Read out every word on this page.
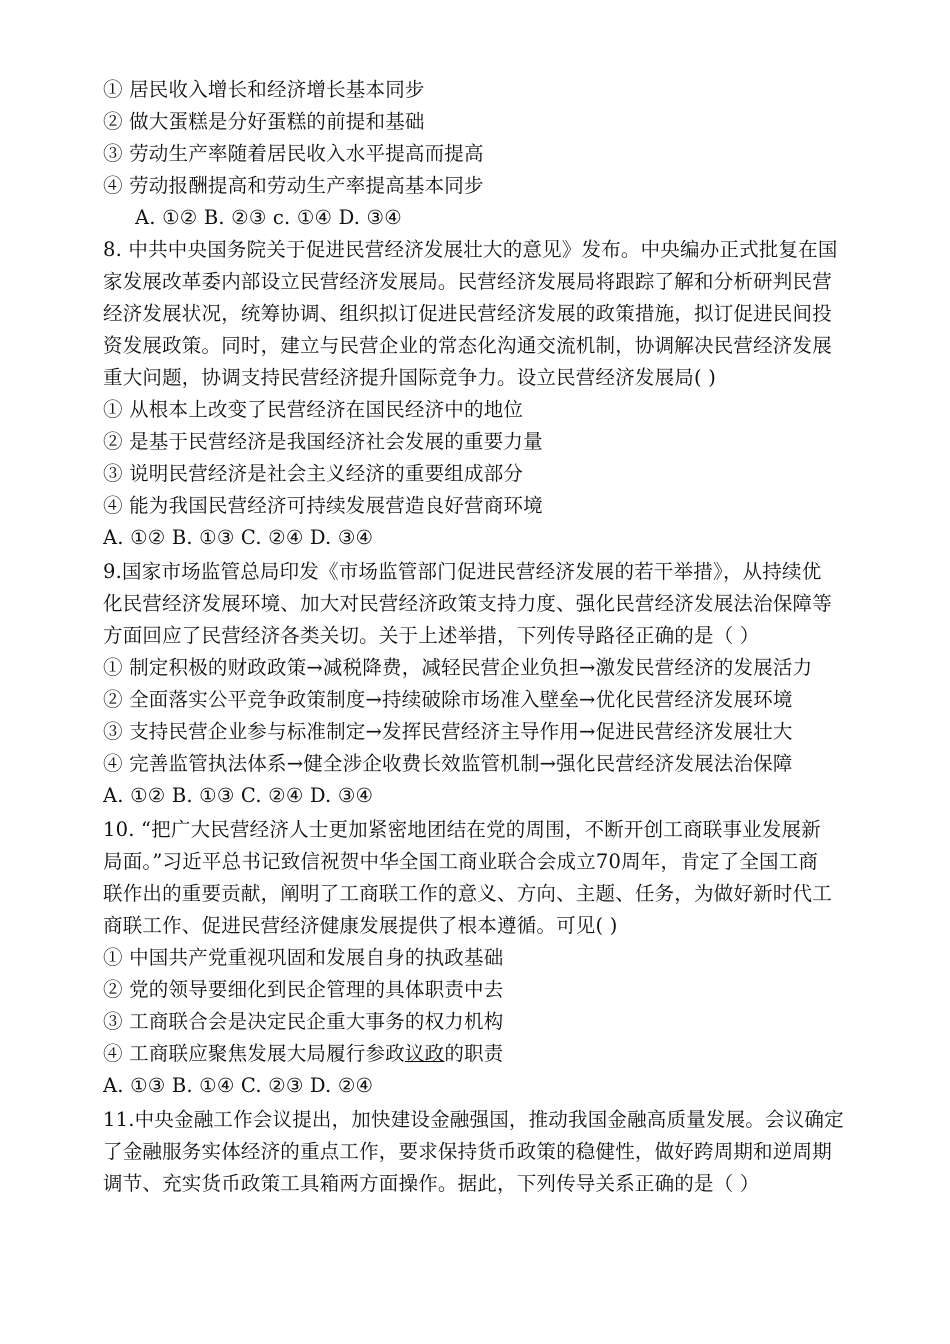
① 居民收入增长和经济增长基本同步
② 做大蛋糕是分好蛋糕的前提和基础
③ 劳动生产率随着居民收入水平提高而提高
④ 劳动报酬提高和劳动生产率提高基本同步
A. ①② B. ②③ c. ①④ D. ③④
8. 中共中央国务院关于促进民营经济发展壮大的意见》发布。中央编办正式批复在国
家发展改革委内部设立民营经济发展局。民营经济发展局将跟踪了解和分析研判民营
经济发展状况，统筹协调、组织拟订促进民营经济发展的政策措施，拟订促进民间投
资发展政策。同时，建立与民营企业的常态化沟通交流机制，协调解决民营经济发展
重大问题，协调支持民营经济提升国际竞争力。设立民营经济发展局( )
① 从根本上改变了民营经济在国民经济中的地位
② 是基于民营经济是我国经济社会发展的重要力量
③ 说明民营经济是社会主义经济的重要组成部分
④ 能为我国民营经济可持续发展营造良好营商环境
A. ①② B. ①③ C. ②④ D. ③④
9.国家市场监管总局印发《市场监管部门促进民营经济发展的若干举措》，从持续优
化民营经济发展环境、加大对民营经济政策支持力度、强化民营经济发展法治保障等
方面回应了民营经济各类关切。关于上述举措，下列传导路径正确的是（ ）
① 制定积极的财政政策→减税降费，减轻民营企业负担→激发民营经济的发展活力
② 全面落实公平竞争政策制度→持续破除市场准入壁垒→优化民营经济发展环境
③ 支持民营企业参与标准制定→发挥民营经济主导作用→促进民营经济发展壮大
④ 完善监管执法体系→健全涉企收费长效监管机制→强化民营经济发展法治保障
A. ①② B. ①③ C. ②④ D. ③④
10. “把广大民营经济人士更加紧密地团结在党的周围，不断开创工商联事业发展新
局面。”习近平总书记致信祝贺中华全国工商业联合会成立70周年，肯定了全国工商
联作出的重要贡献，阐明了工商联工作的意义、方向、主题、任务，为做好新时代工
商联工作、促进民营经济健康发展提供了根本遵循。可见( )
① 中国共产党重视巩固和发展自身的执政基础
② 党的领导要细化到民企管理的具体职责中去
③ 工商联合会是决定民企重大事务的权力机构
④ 工商联应聚焦发展大局履行参政议政的职责
A. ①③ B. ①④ C. ②③ D. ②④
11.中央金融工作会议提出，加快建设金融强国，推动我国金融高质量发展。会议确定
了金融服务实体经济的重点工作，要求保持货币政策的稳健性，做好跨周期和逆周期
调节、充实货币政策工具箱两方面操作。据此，下列传导关系正确的是（ ）
